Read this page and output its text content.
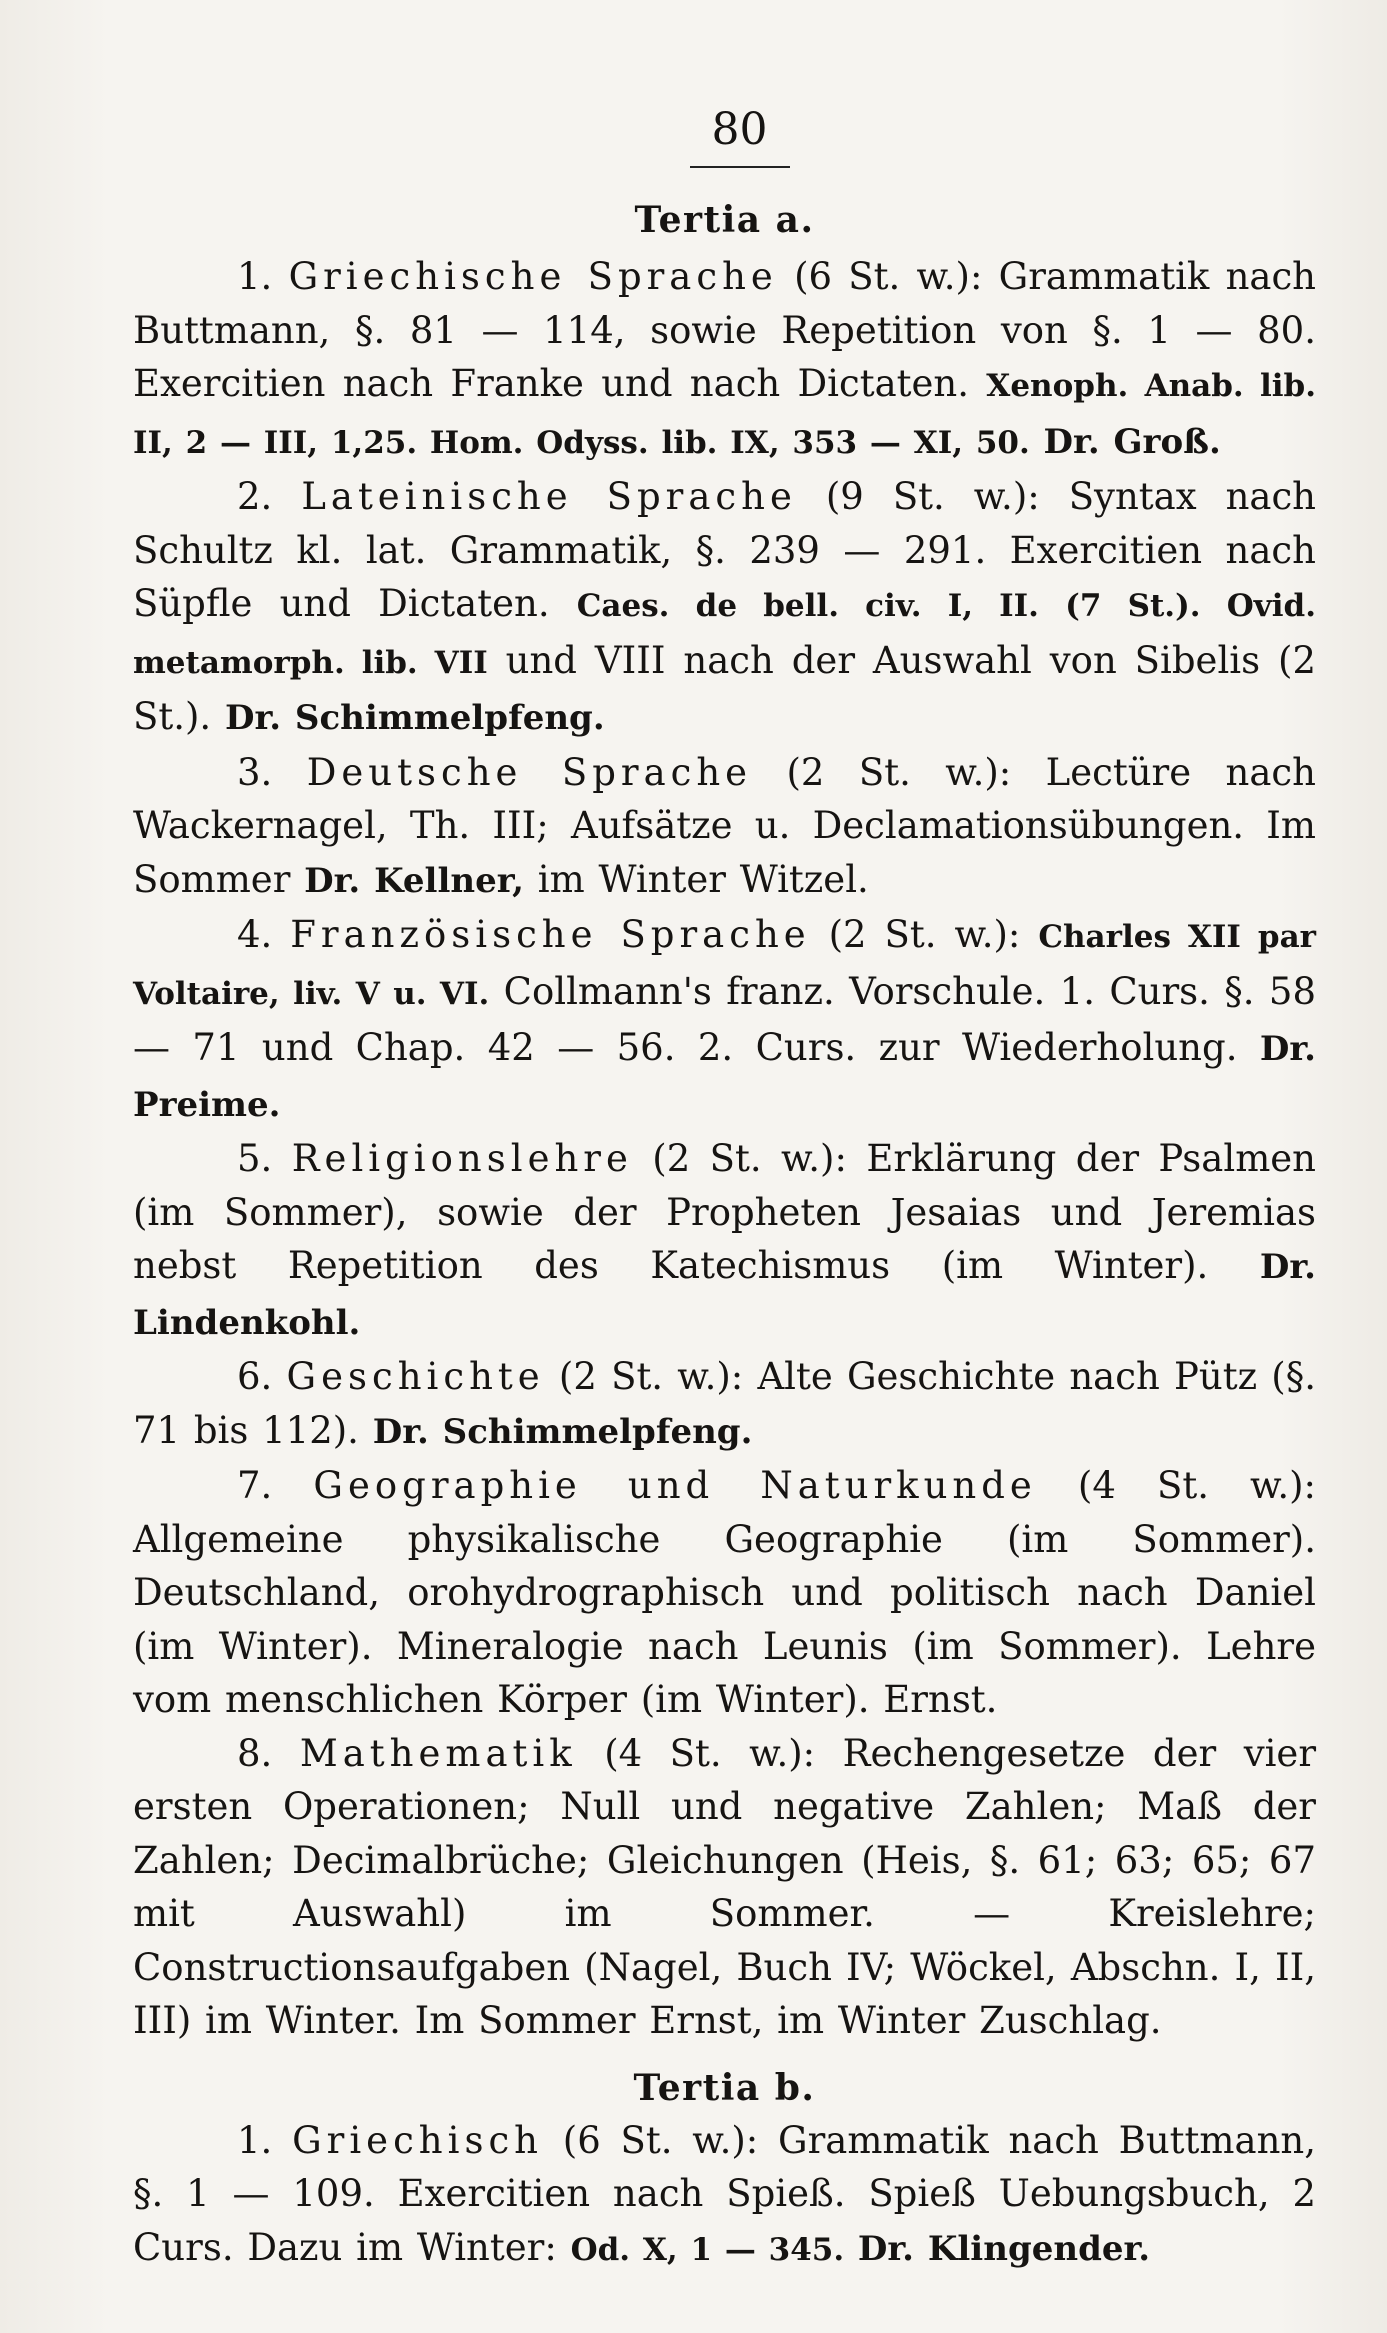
80
Tertia a.

1. Griechische Sprache (6 St. w.): Grammatik nach Buttmann, §. 81 — 114, sowie Repetition von §. 1 — 80. Exercitien nach Franke und nach Dictaten. Xenoph. Anab. lib. II, 2 — III, 1,25. Hom. Odyss. lib. IX, 353 — XI, 50. Dr. Groß.

2. Lateinische Sprache (9 St. w.): Syntax nach Schultz kl. lat. Grammatik, §. 239 — 291. Exercitien nach Süpfle und Dictaten. Caes. de bell. civ. I, II. (7 St.). Ovid. metamorph. lib. VII und VIII nach der Auswahl von Sibelis (2 St.). Dr. Schimmelpfeng.

3. Deutsche Sprache (2 St. w.): Lectüre nach Wackernagel, Th. III; Aufsätze u. Declamationsübungen. Im Sommer Dr. Kellner, im Winter Witzel.

4. Französische Sprache (2 St. w.): Charles XII par Voltaire, liv. V u. VI. Collmann's franz. Vorschule. 1. Curs. §. 58 — 71 und Chap. 42 — 56. 2. Curs. zur Wiederholung. Dr. Preime.

5. Religionslehre (2 St. w.): Erklärung der Psalmen (im Sommer), sowie der Propheten Jesaias und Jeremias nebst Repetition des Katechismus (im Winter). Dr. Lindenkohl.

6. Geschichte (2 St. w.): Alte Geschichte nach Pütz (§. 71 bis 112). Dr. Schimmelpfeng.

7. Geographie und Naturkunde (4 St. w.): Allgemeine physikalische Geographie (im Sommer). Deutschland, orohydrographisch und politisch nach Daniel (im Winter). Mineralogie nach Leunis (im Sommer). Lehre vom menschlichen Körper (im Winter). Ernst.

8. Mathematik (4 St. w.): Rechengesetze der vier ersten Operationen; Null und negative Zahlen; Maß der Zahlen; Decimalbrüche; Gleichungen (Heis, §. 61; 63; 65; 67 mit Auswahl) im Sommer. — Kreislehre; Constructionsaufgaben (Nagel, Buch IV; Wöckel, Abschn. I, II, III) im Winter. Im Sommer Ernst, im Winter Zuschlag.

Tertia b.

1. Griechisch (6 St. w.): Grammatik nach Buttmann, §. 1 — 109. Exercitien nach Spieß. Spieß Uebungsbuch, 2 Curs. Dazu im Winter: Od. X, 1 — 345. Dr. Klingender.
